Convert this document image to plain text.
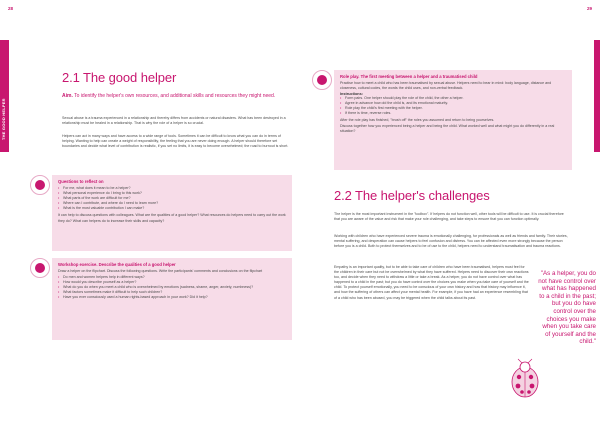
28
THE GOOD HELPER
2.1 The good helper
Aim. To identify the helper's own resources, and additional skills and resources they might need.
Sexual abuse is a trauma experienced in a relationship and thereby differs from accidents or natural disasters. What has been destroyed in a relationship must be healed in a relationship. That is why the role of a helper is so crucial.
Helpers can act in many ways and have access to a wide range of tools. Sometimes it can be difficult to know what you can do in terms of helping. Wanting to help can create a weight of responsibility, the feeling that you are never doing enough. A helper should therefore set boundaries and decide what level of contribution is realistic, if you set no limits, it is easy to become overwhelmed; the road to burnout is short.
Questions to reflect on
• For me, what does it mean to be a helper?
• What personal experience do I bring to this work?
• What parts of the work are difficult for me?
• Where can I contribute, and where do I need to learn more?
• What is the most valuable contribution I can make?

It can help to discuss questions with colleagues. What are the qualities of a good helper? What resources do helpers need to carry out the work they do? What can helpers do to increase their skills and capacity?

Workshop exercise. Describe the qualities of a good helper

Draw a helper on the flipchart. Discuss the following questions. Write the participants' comments and conclusions on the flipchart

• Do men and women helpers help in different ways?
• How would you describe yourself as a helper?
• What do you do when you meet a child who is overwhelmed by emotions (sadness, shame, anger, anxiety, numbness)?
• What factors sometimes make it difficult to help such children?
• Have you ever consciously used a human rights-based approach in your work? Did it help?
29
Role play. The first meeting between a helper and a traumatised child

Practise how to meet a child who has been traumatised by sexual abuse. Helpers need to bear in mind: body language, distance and closeness, cultural codes, the words the child uses, and non-verbal feedback.

Instructions:
• Form pairs. One helper should play the role of the child, the other a helper.
• Agree in advance how old the child is, and its emotional maturity.
• Role play the child's first meeting with the helper.
• If there is time, reverse roles.

After the role play has finished, "brush off" the roles you assumed and return to being yourselves.

Discuss together how you experienced being a helper and being the child. What worked well and what might you do differently in a real situation?

2.2 The helper's challenges
The helper is the most important instrument in the "toolbox". If helpers do not function well, other tools will be difficult to use. It is crucial therefore that you are aware of the value and risk that make your role challenging, and take steps to ensure that you can function optimally.
Working with children who have experienced severe trauma is emotionally challenging, for professionals as well as friends and family. Their stories, mental suffering, and desperation can cause helpers to feel confusion and distress. You can be affected even more strongly because the person before you is a child. Both to protect themselves and to be of use to the child, helpers need to understand traumatisation and trauma reactions.
Empathy is an important quality, but to be able to take care of children who have been traumatised, helpers must feel for the children in their care but not be overwhelmed by what they have suffered. Helpers need to discover their own reactions too, and decide when they need to withdraw a little or take a break. As a helper, you do not have control over what has happened to a child in the past; but you do have control over the choices you make when you take care of yourself and the child. To protect yourself emotionally, you need to be conscious of your own history and how that history may influence it, and how the suffering of others can affect your mental health. For example, if you have had an experience resembling that of a child who has been abused, you may be triggered when the child talks about its past.
"As a helper, you do not have control over what has happened to a child in the past; but you do have control over the choices you make when you take care of yourself and the child."
